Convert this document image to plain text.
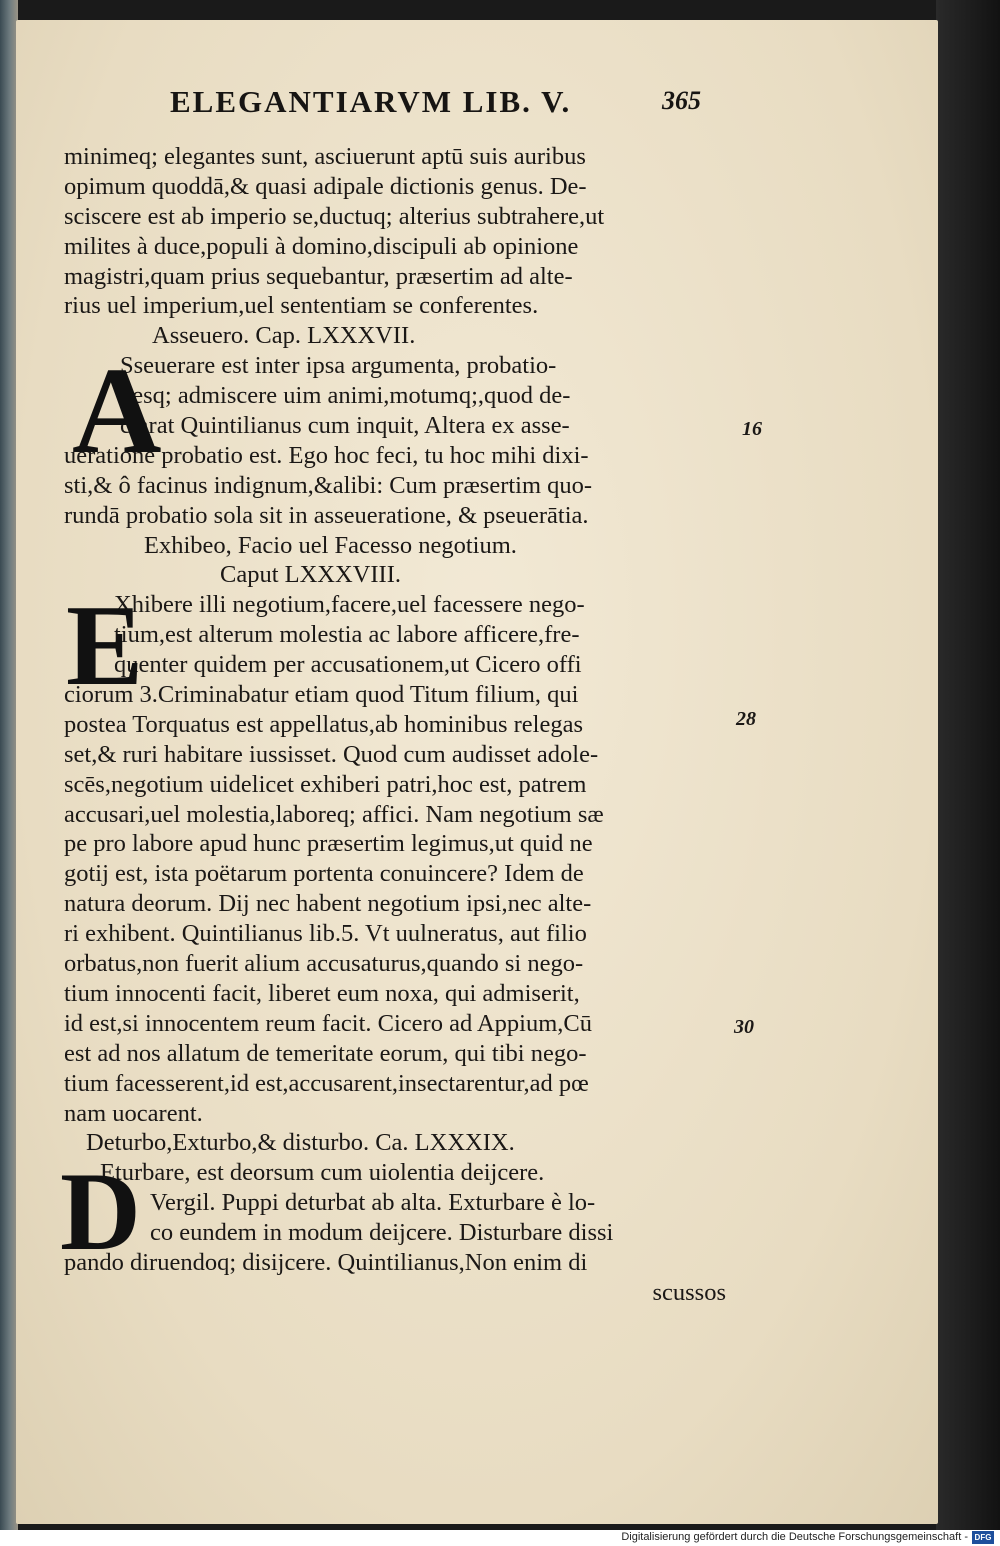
ELEGANTIARVM LIB. V.	365
minimeq; elegantes sunt, asciuerunt aptū suis auribus
opimum quoddā,& quasi adipale dictionis genus. De-
sciscere est ab imperio se,ductuq; alterius subtrahere,ut
milites à duce,populi à domino,discipuli ab opinione
magistri,quam prius sequebantur, præsertim ad alte-
rius uel imperium,uel sententiam se conferentes.
Asseuero. Cap. LXXXVII.
A
Sseuerare est inter ipsa argumenta, probatio-
nesq; admiscere uim animi,motumq;,quod de-
clarat Quintilianus cum inquit, Altera ex asse-
ueratione probatio est. Ego hoc feci, tu hoc mihi dixi-
sti,& ô facinus indignum,&alibi: Cum præsertim quo-
rundā probatio sola sit in asseueratione, & pseuerātia.
Exhibeo, Facio uel Facesso negotium.
Caput LXXXVIII.
E
Xhibere illi negotium,facere,uel facessere nego-
tium,est alterum molestia ac labore afficere,fre-
quenter quidem per accusationem,ut Cicero offi
ciorum 3.Criminabatur etiam quod Titum filium, qui
postea Torquatus est appellatus,ab hominibus relegas
set,& ruri habitare iussisset. Quod cum audisset adole-
scēs,negotium uidelicet exhiberi patri,hoc est, patrem
accusari,uel molestia,laboreq; affici. Nam negotium sæ
pe pro labore apud hunc præsertim legimus,ut quid ne
gotij est, ista poëtarum portenta conuincere? Idem de
natura deorum. Dij nec habent negotium ipsi,nec alte-
ri exhibent. Quintilianus lib.5. Vt uulneratus, aut filio
orbatus,non fuerit alium accusaturus,quando si nego-
tium innocenti facit, liberet eum noxa, qui admiserit,
id est,si innocentem reum facit. Cicero ad Appium,Cū
est ad nos allatum de temeritate eorum, qui tibi nego-
tium facesserent,id est,accusarent,insectarentur,ad pœ
nam uocarent.
Deturbo,Exturbo,& disturbo. Ca. LXXXIX.
D
Eturbare, est deorsum cum uiolentia deijcere.
Vergil. Puppi deturbat ab alta. Exturbare è lo-
co eundem in modum deijcere. Disturbare dissi
pando diruendoq; disijcere. Quintilianus,Non enim di
scussos
16
28
30
Digitalisierung gefördert durch die Deutsche Forschungsgemeinschaft - DFG
